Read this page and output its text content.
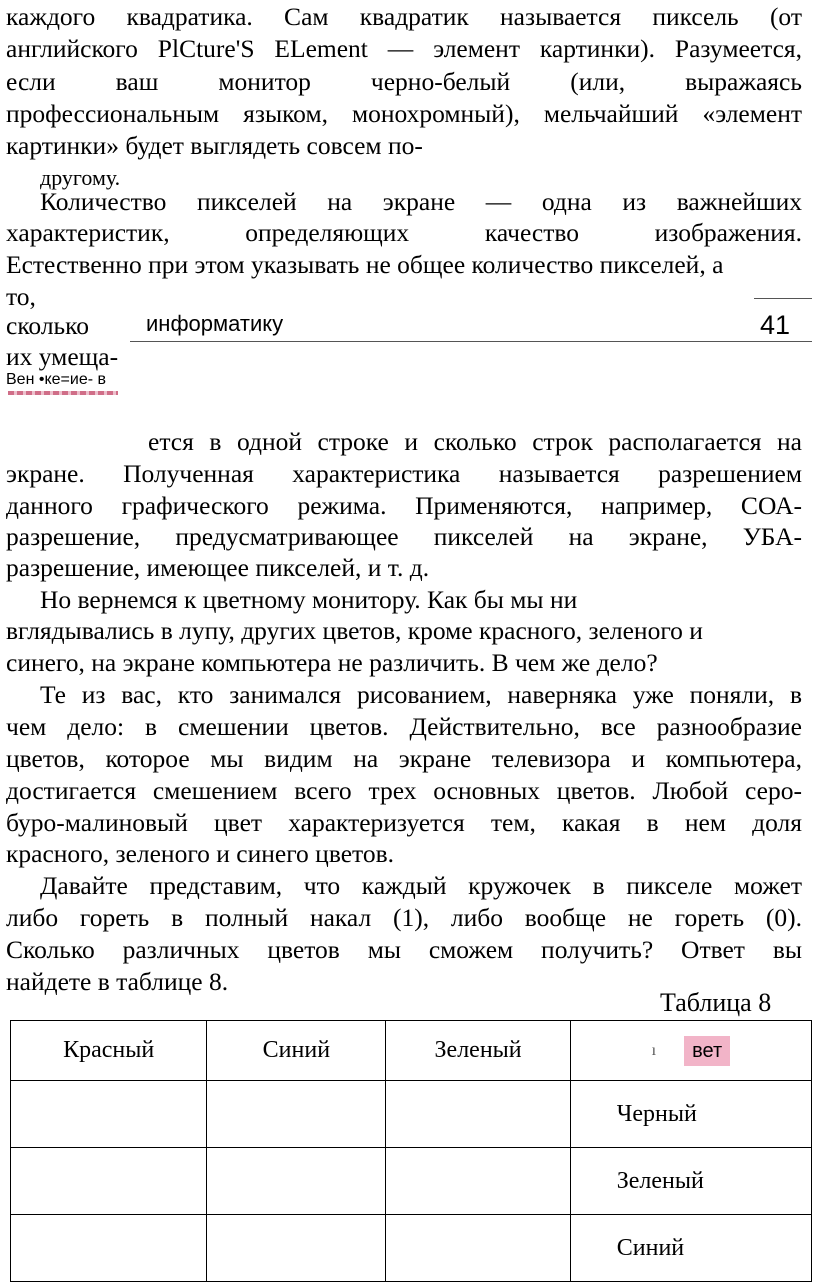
каждого квадратика. Сам квадратик называется пиксель (от
английского PlCture'S ELement — элемент картинки). Разумеется,
если ваш монитор черно-белый (или, выражаясь
профессиональным языком, монохромный), мельчайший «элемент
картинки» будет выглядеть совсем по-
другому.
Количество пикселей на экране — одна из важнейших
характеристик, определяющих качество изображения.
Естественно при этом указывать не общее количество пикселей, а
то,
сколько
их умеща-
информатику	41
Вен •ке=ие- в
ется в одной строке и сколько строк располагается на
экране. Полученная характеристика называется разрешением
данного графического режима. Применяются, например, СОА-
разрешение, предусматривающее пикселей на экране, УБА-
разрешение, имеющее пикселей, и т. д.
Но вернемся к цветному монитору. Как бы мы ни
вглядывались в лупу, других цветов, кроме красного, зеленого и
синего, на экране компьютера не различить. В чем же дело?
Те из вас, кто занимался рисованием, наверняка уже поняли, в
чем дело: в смешении цветов. Действительно, все разнообразие
цветов, которое мы видим на экране телевизора и компьютера,
достигается смешением всего трех основных цветов. Любой серо-
буро-малиновый цвет характеризуется тем, какая в нем доля
красного, зеленого и синего цветов.
Давайте представим, что каждый кружочек в пикселе может
либо гореть в полный накал (1), либо вообще не гореть (0).
Сколько различных цветов мы сможем получить? Ответ вы
найдете в таблице 8.
Таблица 8
Красный	Синий	Зеленый	ı вет
			Черный
			Зеленый
			Синий
